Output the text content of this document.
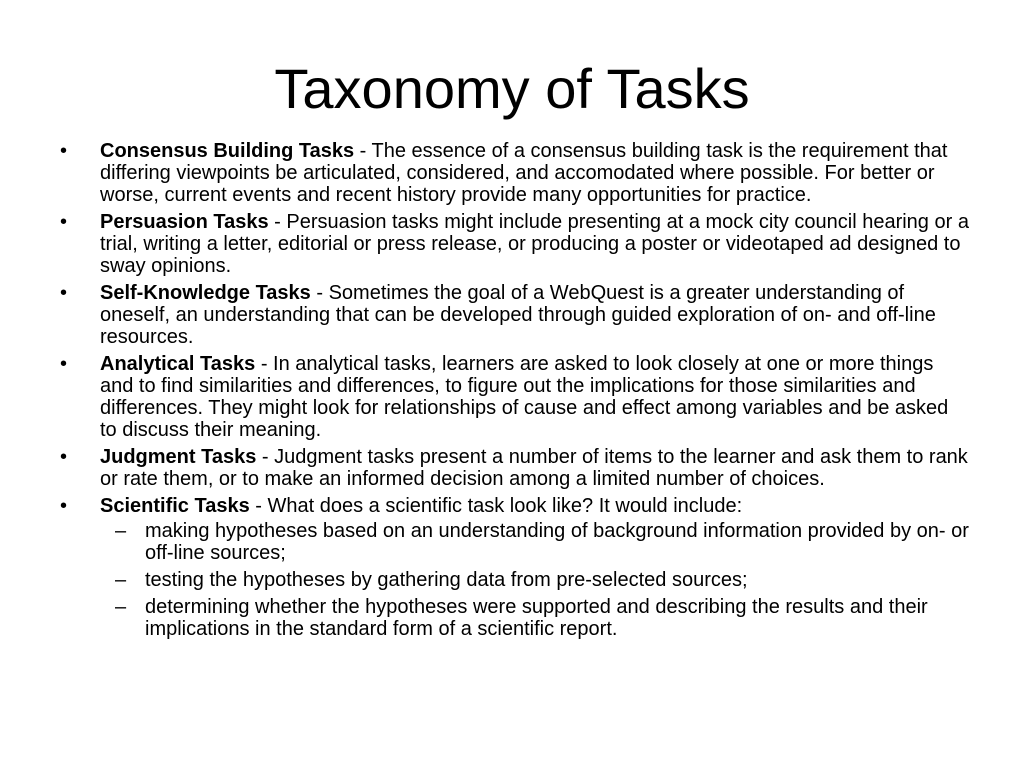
Taxonomy of Tasks
•	Consensus Building Tasks - The essence of a consensus building task is the requirement that differing viewpoints be articulated, considered, and accomodated where possible. For better or worse, current events and recent history provide many opportunities for practice.
•	Persuasion Tasks - Persuasion tasks might include presenting at a mock city council hearing or a trial, writing a letter, editorial or press release, or producing a poster or videotaped ad designed to sway opinions.
•	Self-Knowledge Tasks - Sometimes the goal of a WebQuest is a greater understanding of oneself, an understanding that can be developed through guided exploration of on- and off-line resources.
•	Analytical Tasks - In analytical tasks, learners are asked to look closely at one or more things and to find similarities and differences, to figure out the implications for those similarities and differences. They might look for relationships of cause and effect among variables and be asked to discuss their meaning.
•	Judgment Tasks - Judgment tasks present a number of items to the learner and ask them to rank or rate them, or to make an informed decision among a limited number of choices.
•	Scientific Tasks - What does a scientific task look like? It would include:
– making hypotheses based on an understanding of background information provided by on- or off-line sources;
– testing the hypotheses by gathering data from pre-selected sources;
– determining whether the hypotheses were supported and describing the results and their implications in the standard form of a scientific report.
